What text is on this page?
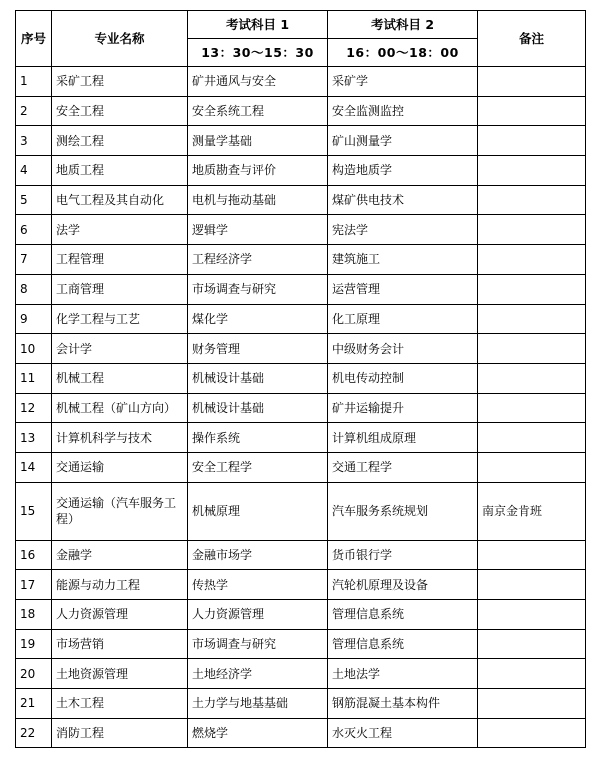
序号	专业名称	考试科目 1	考试科目 2	备注
		13：30～15：30	16：00～18：00	
1	采矿工程	矿井通风与安全	采矿学	
2	安全工程	安全系统工程	安全监测监控	
3	测绘工程	测量学基础	矿山测量学	
4	地质工程	地质勘查与评价	构造地质学	
5	电气工程及其自动化	电机与拖动基础	煤矿供电技术	
6	法学	逻辑学	宪法学	
7	工程管理	工程经济学	建筑施工	
8	工商管理	市场调查与研究	运营管理	
9	化学工程与工艺	煤化学	化工原理	
10	会计学	财务管理	中级财务会计	
11	机械工程	机械设计基础	机电传动控制	
12	机械工程（矿山方向）	机械设计基础	矿井运输提升	
13	计算机科学与技术	操作系统	计算机组成原理	
14	交通运输	安全工程学	交通工程学	
15	交通运输（汽车服务工程）	机械原理	汽车服务系统规划	南京金肯班
16	金融学	金融市场学	货币银行学	
17	能源与动力工程	传热学	汽轮机原理及设备	
18	人力资源管理	人力资源管理	管理信息系统	
19	市场营销	市场调查与研究	管理信息系统	
20	土地资源管理	土地经济学	土地法学	
21	土木工程	土力学与地基基础	钢筋混凝土基本构件	
22	消防工程	燃烧学	水灭火工程	
